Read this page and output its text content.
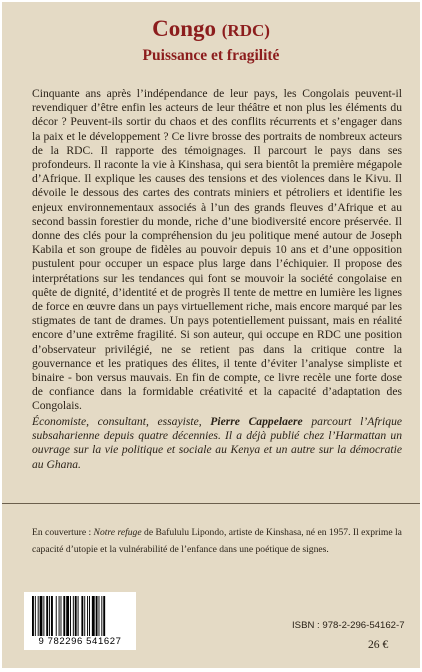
Congo (RDC)
Puissance et fragilité

Cinquante ans après l’indépendance de leur pays, les Congolais peuvent-il revendiquer d’être enfin les acteurs de leur théâtre et non plus les éléments du décor ? Peuvent-ils sortir du chaos et des conflits récurrents et s’engager dans la paix et le développement ? Ce livre brosse des portraits de nombreux acteurs de la RDC. Il rapporte des témoignages. Il parcourt le pays dans ses profondeurs. Il raconte la vie à Kinshasa, qui sera bientôt la première mégapole d’Afrique. Il explique les causes des tensions et des violences dans le Kivu. Il dévoile le dessous des cartes des contrats miniers et pétroliers et identifie les enjeux environnementaux associés à l’un des grands fleuves d’Afrique et au second bassin forestier du monde, riche d’une biodiversité encore préservée. Il donne des clés pour la compréhension du jeu politique mené autour de Joseph Kabila et son groupe de fidèles au pouvoir depuis 10 ans et d’une opposition pustulent pour occuper un espace plus large dans l’échiquier. Il propose des interprétations sur les tendances qui font se mouvoir la société congolaise en quête de dignité, d’identité et de progrès Il tente de mettre en lumière les lignes de force en œuvre dans un pays virtuellement riche, mais encore marqué par les stigmates de tant de drames. Un pays potentiellement puissant, mais en réalité encore d’une extrême fragilité. Si son auteur, qui occupe en RDC une position d’observateur privilégié, ne se retient pas dans la critique contre la gouvernance et les pratiques des élites, il tente d’éviter l’analyse simpliste et binaire - bon versus mauvais. En fin de compte, ce livre recèle une forte dose de confiance dans la formidable créativité et la capacité d’adaptation des Congolais.

Économiste, consultant, essayiste, Pierre Cappelaere parcourt l’Afrique subsaharienne depuis quatre décennies. Il a déjà publié chez l’Harmattan un ouvrage sur la vie politique et sociale au Kenya et un autre sur la démocratie au Ghana.

En couverture : Notre refuge de Bafululu Lipondo, artiste de Kinshasa, né en 1957. Il exprime la capacité d’utopie et la vulnérabilité de l’enfance dans une poétique de signes.

9 782296 541627
ISBN : 978-2-296-54162-7
26 €
